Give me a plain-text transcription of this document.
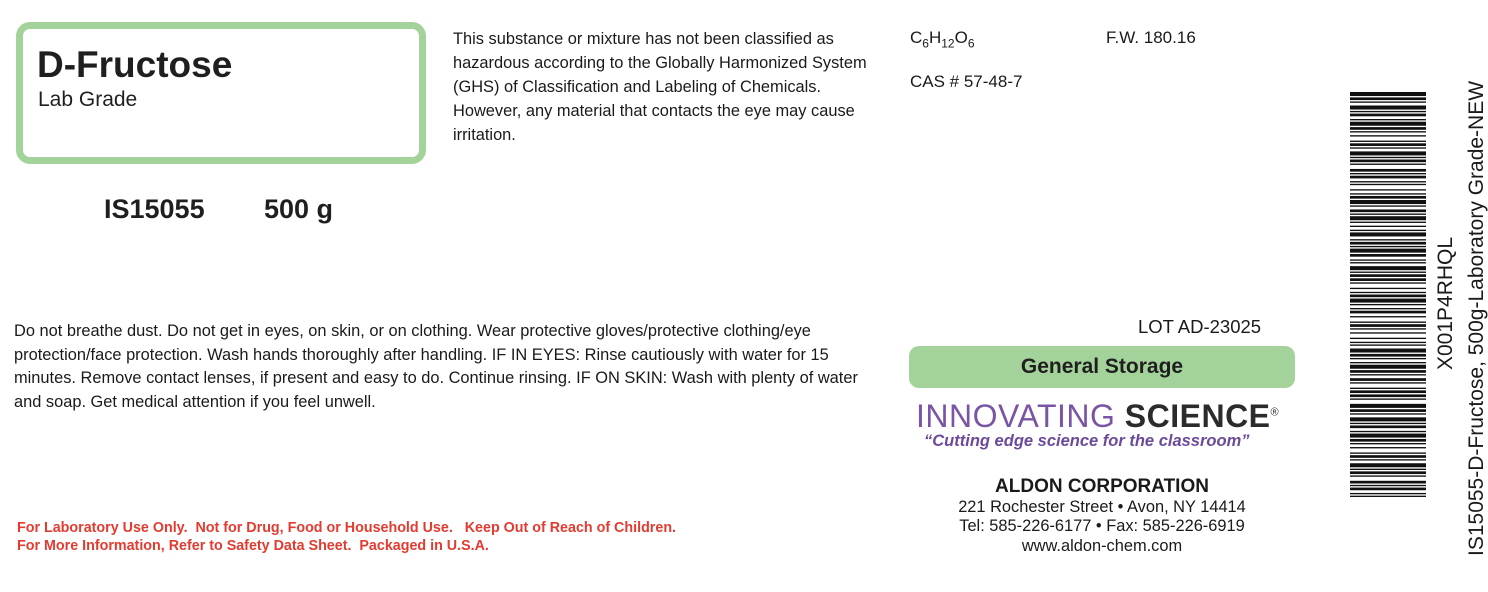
D-Fructose
Lab Grade
IS15055 500 g
This substance or mixture has not been classified as hazardous according to the Globally Harmonized System (GHS) of Classification and Labeling of Chemicals. However, any material that contacts the eye may cause irritation.
$C_6H_{12}O_6$	F.W. 180.16
CAS # 57-48-7
Do not breathe dust. Do not get in eyes, on skin, or on clothing. Wear protective gloves/protective clothing/eye protection/face protection. Wash hands thoroughly after handling. IF IN EYES: Rinse cautiously with water for 15 minutes. Remove contact lenses, if present and easy to do. Continue rinsing. IF ON SKIN: Wash with plenty of water and soap. Get medical attention if you feel unwell.
LOT AD-23025
General Storage
INNOVATING SCIENCE®
“Cutting edge science for the classroom”
ALDON CORPORATION
221 Rochester Street • Avon, NY 14414
Tel: 585-226-6177 • Fax: 585-226-6919
www.aldon-chem.com
For Laboratory Use Only.  Not for Drug, Food or Household Use.   Keep Out of Reach of Children.
For More Information, Refer to Safety Data Sheet.  Packaged in U.S.A.
X001P4RHQL IS15055-D-Fructose, 500g-Laboratory Grade-NEW
